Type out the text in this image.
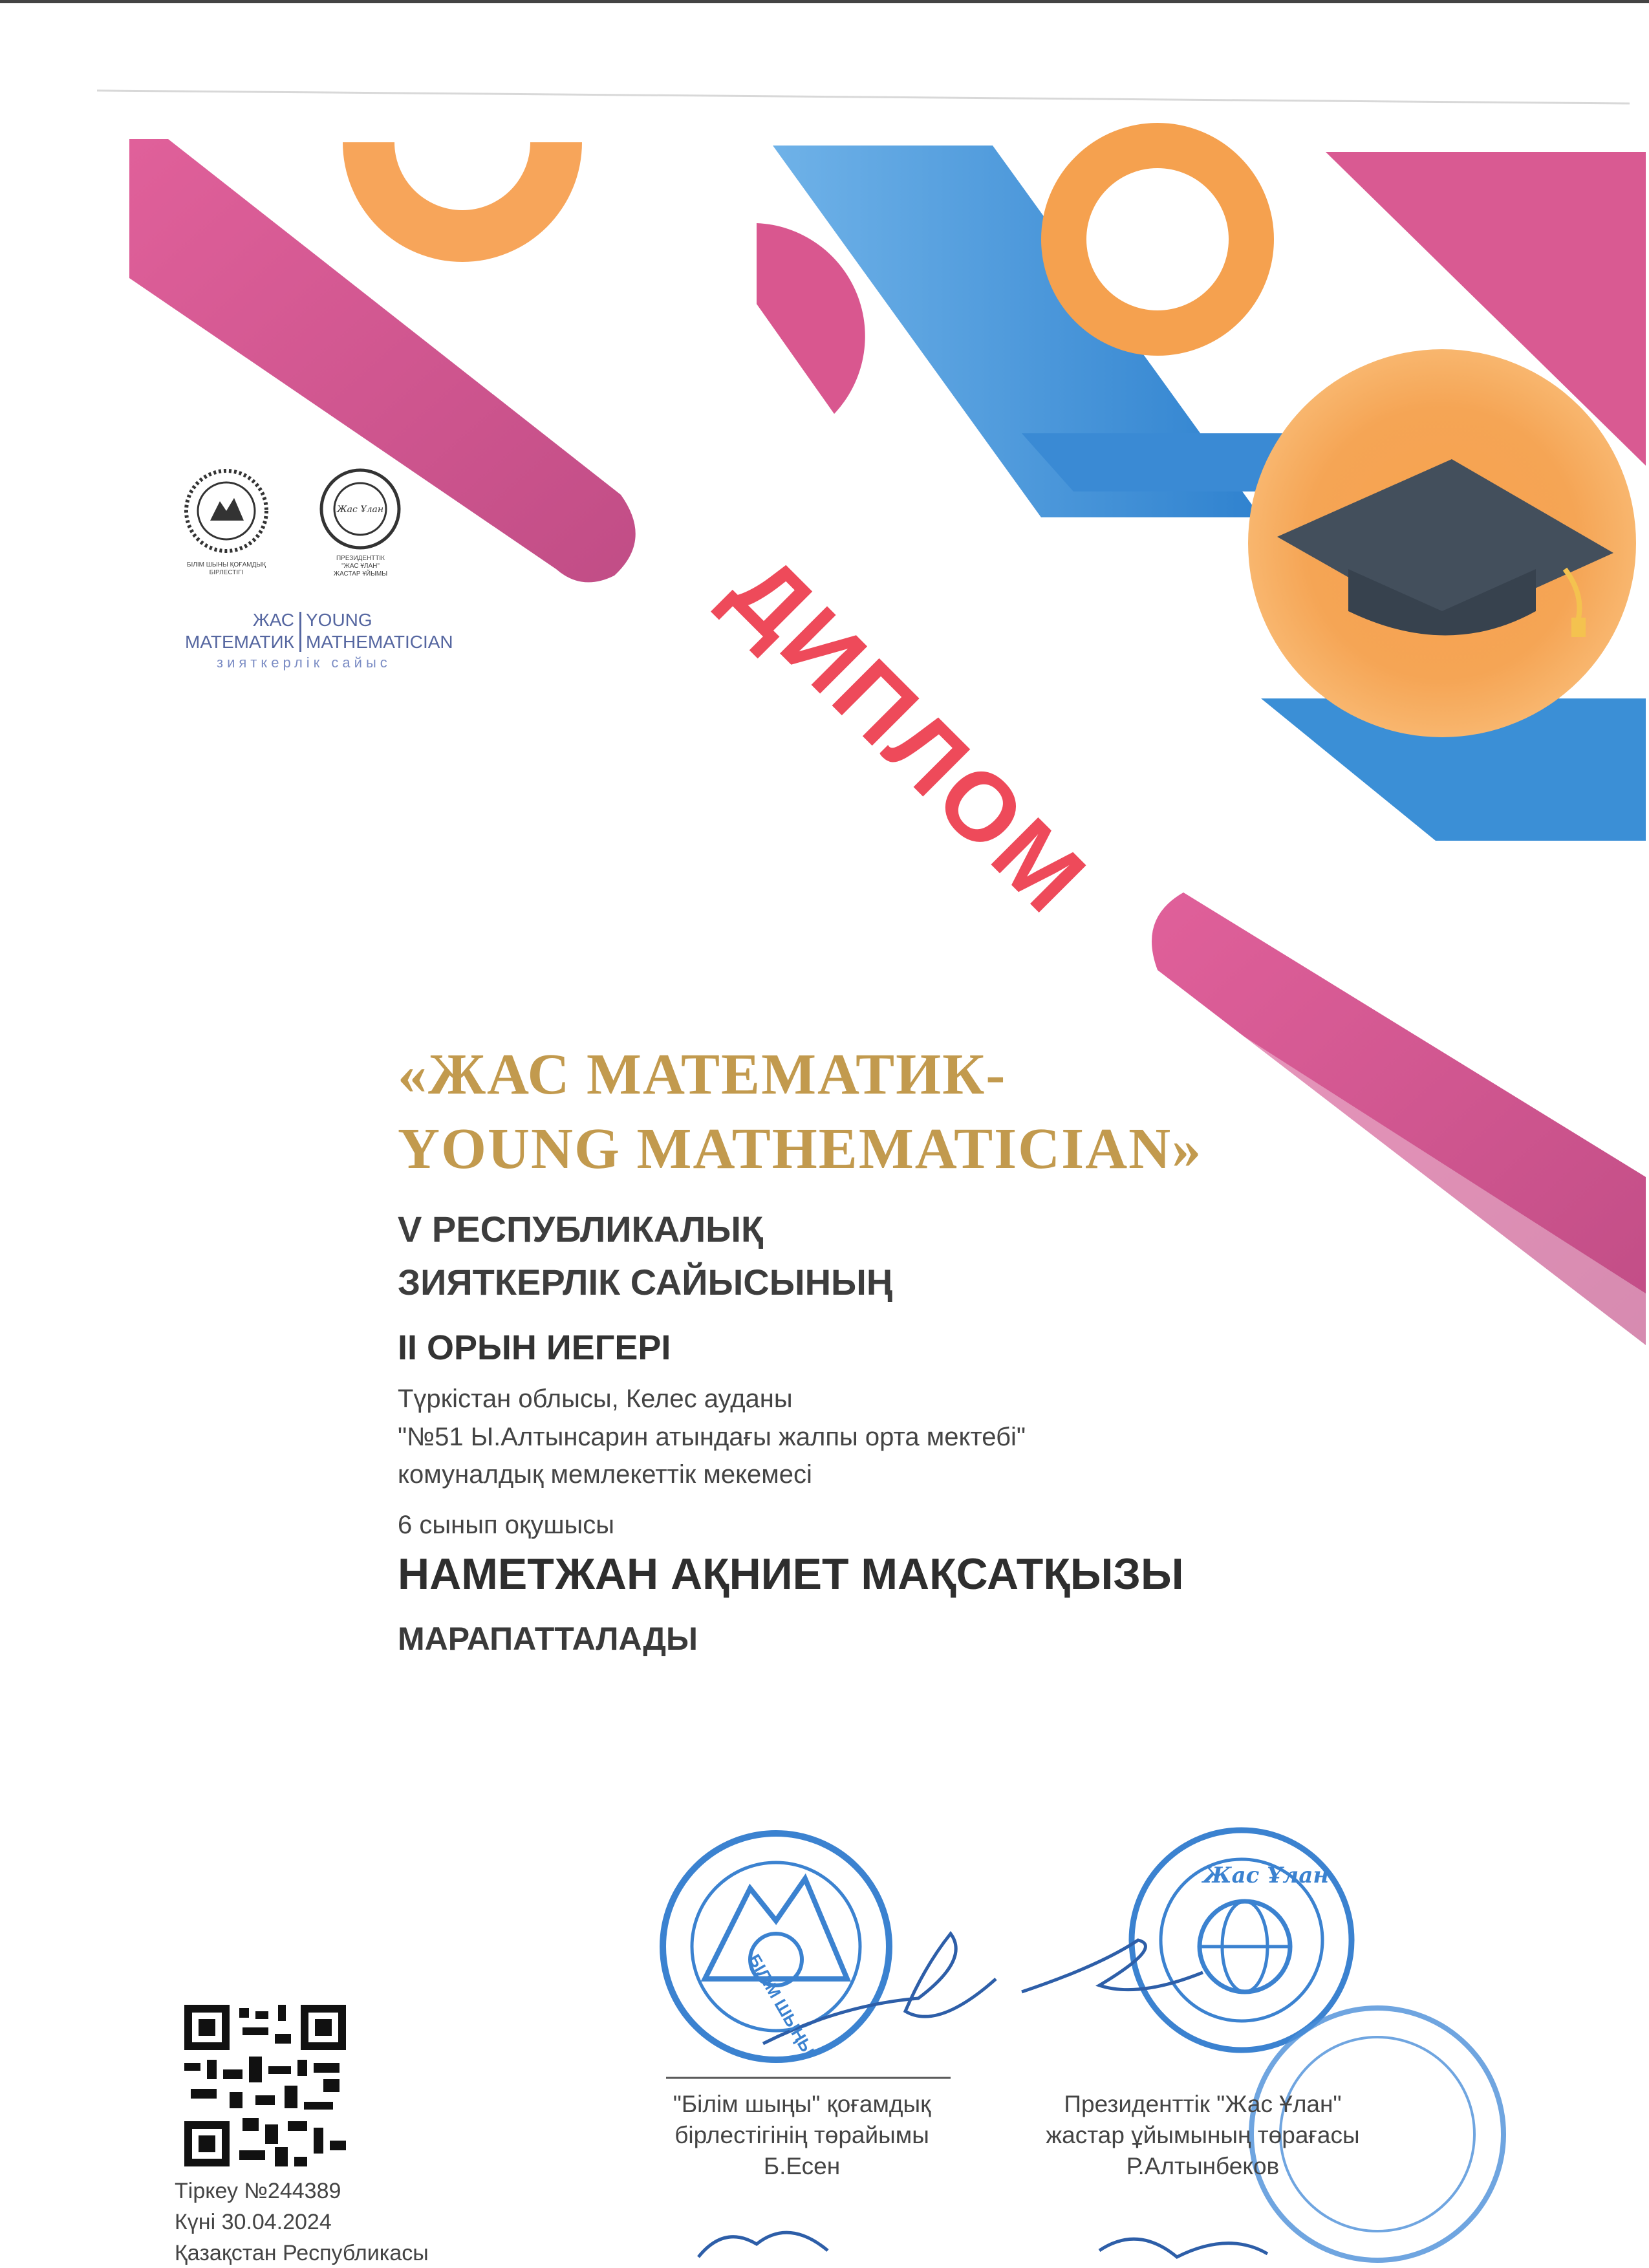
БІЛІМ ШЫНЫ ҚОҒАМДЫҚ БІРЛЕСТІГІ
Жас Ұлан
ПРЕЗИДЕНТТІК
"ЖАС ҰЛАН"
ЖАСТАР ҰЙЫМЫ
ЖАС
МАТЕМАТИК
YOUNG
MATHEMATICIAN
зияткерлік сайыс	ДИПЛОМ
«ЖАС МАТЕМАТИК-
YOUNG MATHEMATICIAN»
V РЕСПУБЛИКАЛЫҚ
ЗИЯТКЕРЛІК САЙЫСЫНЫҢ
II ОРЫН ИЕГЕРІ
Түркістан облысы, Келес ауданы
"№51 Ы.Алтынсарин атындағы жалпы орта мектебі"
комуналдық мемлекеттік мекемесі
6 сынып оқушысы
НАМЕТЖАН АҚНИЕТ МАҚСАТҚЫЗЫ
МАРАПАТТАЛАДЫ
БІЛІМ ШЫҢЫ
Жас Ұлан
"Білім шыңы" қоғамдық
бірлестігінің төрайымы
Б.Есен
Президенттік "Жас Ұлан"
жастар ұйымының төрағасы
Р.Алтынбеков
Тіркеу №244389
Күні 30.04.2024
Қазақстан Республикасы
